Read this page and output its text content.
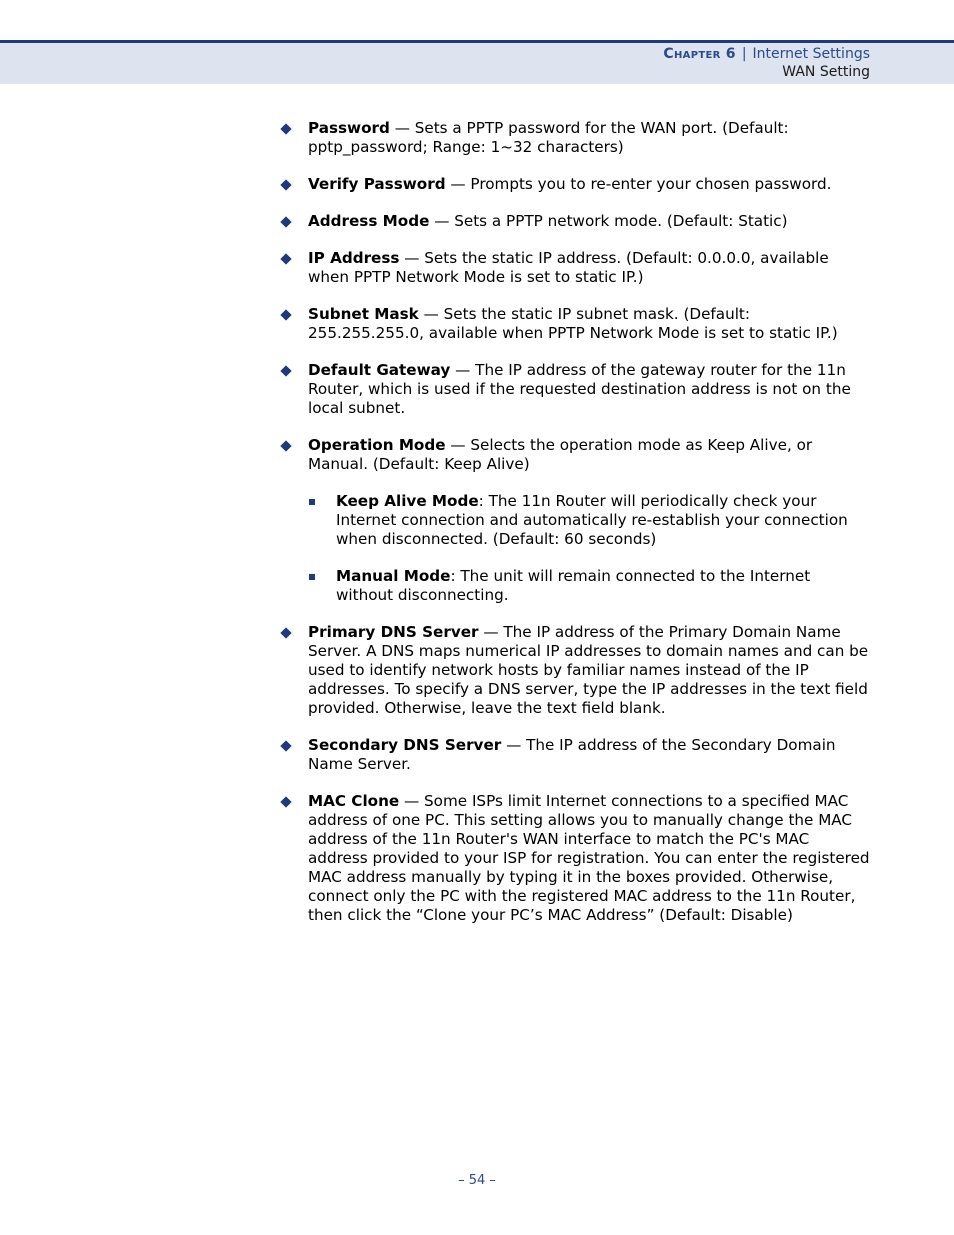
Chapter 6 | Internet Settings
WAN Setting
Password — Sets a PPTP password for the WAN port. (Default: pptp_password; Range: 1~32 characters)
Verify Password — Prompts you to re-enter your chosen password.
Address Mode — Sets a PPTP network mode. (Default: Static)
IP Address — Sets the static IP address. (Default: 0.0.0.0, available when PPTP Network Mode is set to static IP.)
Subnet Mask — Sets the static IP subnet mask. (Default: 255.255.255.0, available when PPTP Network Mode is set to static IP.)
Default Gateway — The IP address of the gateway router for the 11n Router, which is used if the requested destination address is not on the local subnet.
Operation Mode — Selects the operation mode as Keep Alive, or Manual. (Default: Keep Alive)
Keep Alive Mode: The 11n Router will periodically check your Internet connection and automatically re-establish your connection when disconnected. (Default: 60 seconds)
Manual Mode: The unit will remain connected to the Internet without disconnecting.
Primary DNS Server — The IP address of the Primary Domain Name Server. A DNS maps numerical IP addresses to domain names and can be used to identify network hosts by familiar names instead of the IP addresses. To specify a DNS server, type the IP addresses in the text field provided. Otherwise, leave the text field blank.
Secondary DNS Server — The IP address of the Secondary Domain Name Server.
MAC Clone — Some ISPs limit Internet connections to a specified MAC address of one PC. This setting allows you to manually change the MAC address of the 11n Router's WAN interface to match the PC's MAC address provided to your ISP for registration. You can enter the registered MAC address manually by typing it in the boxes provided. Otherwise, connect only the PC with the registered MAC address to the 11n Router, then click the “Clone your PC’s MAC Address” (Default: Disable)
– 54 –
